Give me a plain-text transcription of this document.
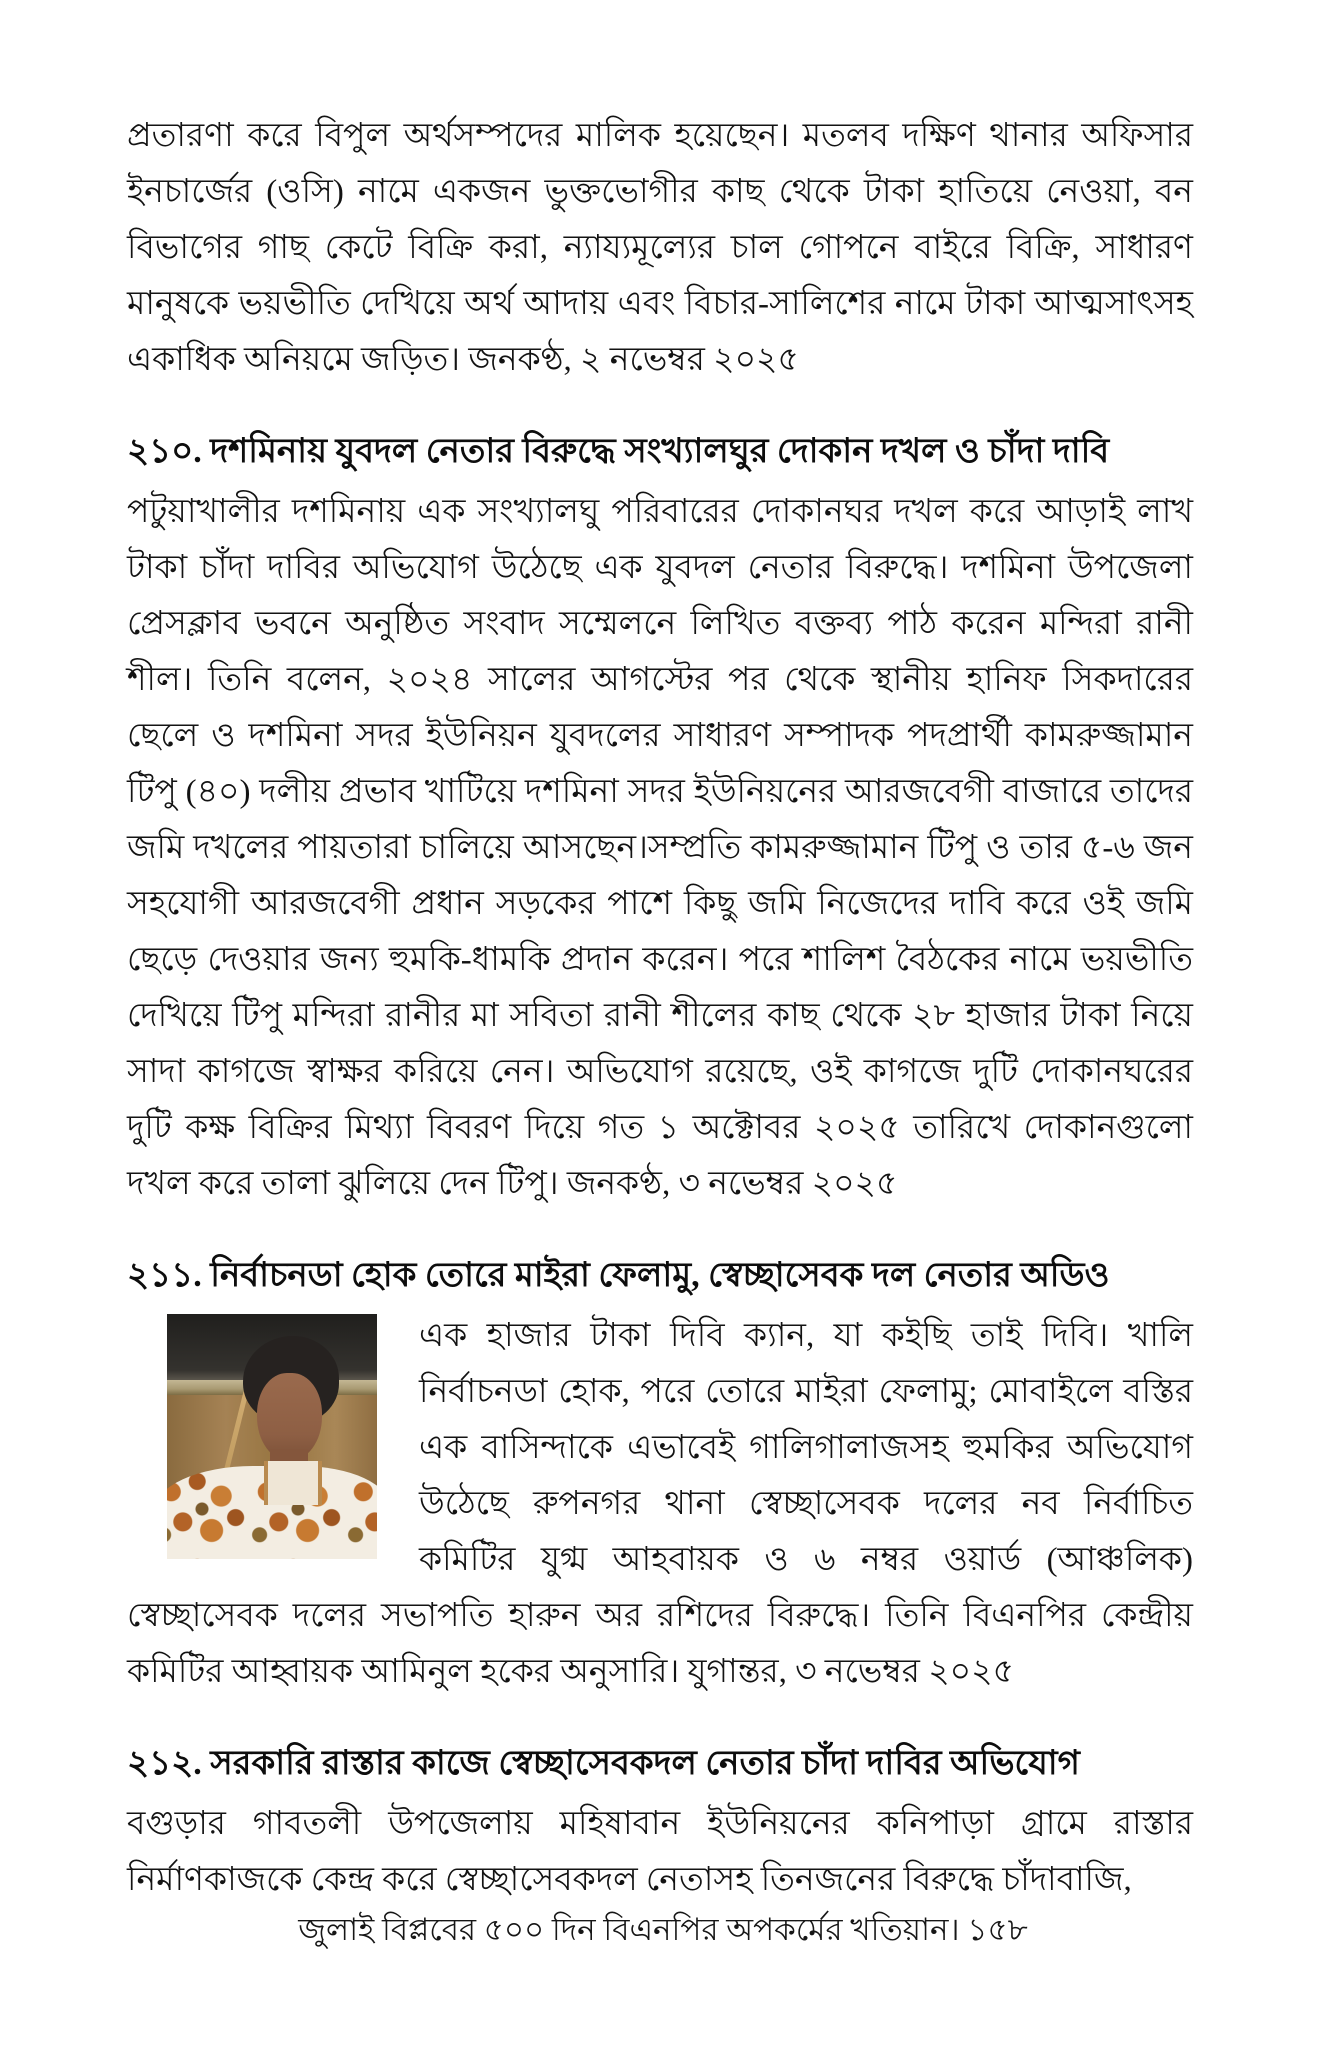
প্রতারণা করে বিপুল অর্থসম্পদের মালিক হয়েছেন। মতলব দক্ষিণ থানার অফিসার ইনচার্জের (ওসি) নামে একজন ভুক্তভোগীর কাছ থেকে টাকা হাতিয়ে নেওয়া, বন বিভাগের গাছ কেটে বিক্রি করা, ন্যায্যমূল্যের চাল গোপনে বাইরে বিক্রি, সাধারণ মানুষকে ভয়ভীতি দেখিয়ে অর্থ আদায় এবং বিচার-সালিশের নামে টাকা আত্মসাৎসহ একাধিক অনিয়মে জড়িত। জনকণ্ঠ, ২ নভেম্বর ২০২৫

২১০. দশমিনায় যুবদল নেতার বিরুদ্ধে সংখ্যালঘুর দোকান দখল ও চাঁদা দাবি

পটুয়াখালীর দশমিনায় এক সংখ্যালঘু পরিবারের দোকানঘর দখল করে আড়াই লাখ টাকা চাঁদা দাবির অভিযোগ উঠেছে এক যুবদল নেতার বিরুদ্ধে। দশমিনা উপজেলা প্রেসক্লাব ভবনে অনুষ্ঠিত সংবাদ সম্মেলনে লিখিত বক্তব্য পাঠ করেন মন্দিরা রানী শীল। তিনি বলেন, ২০২৪ সালের আগস্টের পর থেকে স্থানীয় হানিফ সিকদারের ছেলে ও দশমিনা সদর ইউনিয়ন যুবদলের সাধারণ সম্পাদক পদপ্রার্থী কামরুজ্জামান টিপু (৪০) দলীয় প্রভাব খাটিয়ে দশমিনা সদর ইউনিয়নের আরজবেগী বাজারে তাদের জমি দখলের পায়তারা চালিয়ে আসছেন।সম্প্রতি কামরুজ্জামান টিপু ও তার ৫-৬ জন সহযোগী আরজবেগী প্রধান সড়কের পাশে কিছু জমি নিজেদের দাবি করে ওই জমি ছেড়ে দেওয়ার জন্য হুমকি-ধামকি প্রদান করেন। পরে শালিশ বৈঠকের নামে ভয়ভীতি দেখিয়ে টিপু মন্দিরা রানীর মা সবিতা রানী শীলের কাছ থেকে ২৮ হাজার টাকা নিয়ে সাদা কাগজে স্বাক্ষর করিয়ে নেন। অভিযোগ রয়েছে, ওই কাগজে দুটি দোকানঘরের দুটি কক্ষ বিক্রির মিথ্যা বিবরণ দিয়ে গত ১ অক্টোবর ২০২৫ তারিখে দোকানগুলো দখল করে তালা ঝুলিয়ে দেন টিপু। জনকণ্ঠ, ৩ নভেম্বর ২০২৫

২১১. নির্বাচনডা হোক তোরে মাইরা ফেলামু, স্বেচ্ছাসেবক দল নেতার অডিও

এক হাজার টাকা দিবি ক্যান, যা কইছি তাই দিবি। খালি নির্বাচনডা হোক, পরে তোরে মাইরা ফেলামু; মোবাইলে বস্তির এক বাসিন্দাকে এভাবেই গালিগালাজসহ হুমকির অভিযোগ উঠেছে রুপনগর থানা স্বেচ্ছাসেবক দলের নব নির্বাচিত কমিটির যুগ্ম আহবায়ক ও ৬ নম্বর ওয়ার্ড (আঞ্চলিক) স্বেচ্ছাসেবক দলের সভাপতি হারুন অর রশিদের বিরুদ্ধে। তিনি বিএনপির কেন্দ্রীয় কমিটির আহ্বায়ক আমিনুল হকের অনুসারি। যুগান্তর, ৩ নভেম্বর ২০২৫

২১২. সরকারি রাস্তার কাজে স্বেচ্ছাসেবকদল নেতার চাঁদা দাবির অভিযোগ

বগুড়ার গাবতলী উপজেলায় মহিষাবান ইউনিয়নের কনিপাড়া গ্রামে রাস্তার নির্মাণকাজকে কেন্দ্র করে স্বেচ্ছাসেবকদল নেতাসহ তিনজনের বিরুদ্ধে চাঁদাবাজি,

জুলাই বিপ্লবের ৫০০ দিন বিএনপির অপকর্মের খতিয়ান। ১৫৮
